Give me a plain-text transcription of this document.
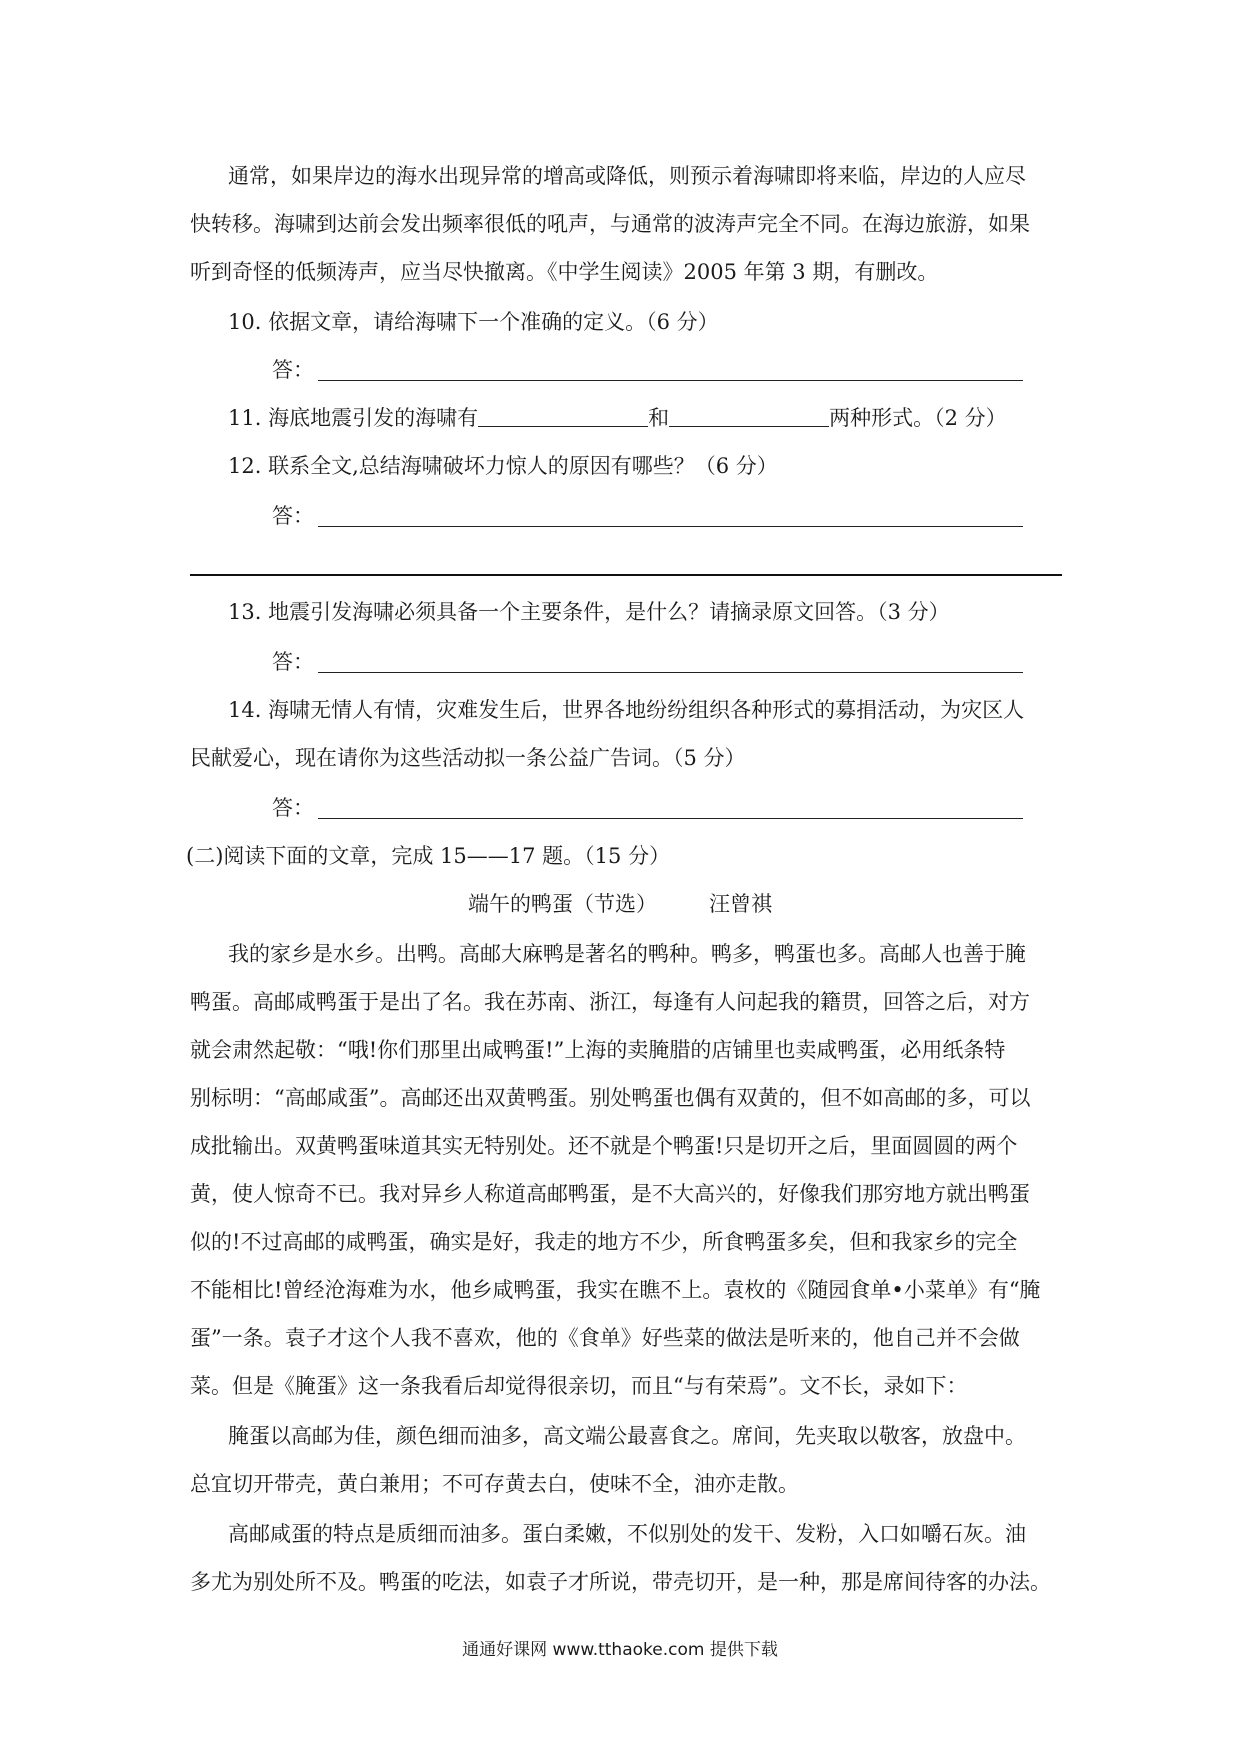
通常，如果岸边的海水出现异常的增高或降低，则预示着海啸即将来临，岸边的人应尽
快转移。海啸到达前会发出频率很低的吼声，与通常的波涛声完全不同。在海边旅游，如果
听到奇怪的低频涛声，应当尽快撤离。《中学生阅读》2005 年第 3 期，有删改。
10. 依据文章，请给海啸下一个准确的定义。（6 分）
答：
11. 海底地震引发的海啸有	和	两种形式。（2 分）
12. 联系全文,总结海啸破坏力惊人的原因有哪些？（6 分）
答：
13. 地震引发海啸必须具备一个主要条件，是什么？请摘录原文回答。（3 分）
答：
14. 海啸无情人有情，灾难发生后，世界各地纷纷组织各种形式的募捐活动，为灾区人
民献爱心，现在请你为这些活动拟一条公益广告词。（5 分）
答：
(二)阅读下面的文章，完成 15——17 题。（15 分）
端午的鸭蛋（节选） 汪曾祺
我的家乡是水乡。出鸭。高邮大麻鸭是著名的鸭种。鸭多，鸭蛋也多。高邮人也善于腌
鸭蛋。高邮咸鸭蛋于是出了名。我在苏南、浙江，每逢有人问起我的籍贯，回答之后，对方
就会肃然起敬：“哦!你们那里出咸鸭蛋!”上海的卖腌腊的店铺里也卖咸鸭蛋，必用纸条特
别标明：“高邮咸蛋”。高邮还出双黄鸭蛋。别处鸭蛋也偶有双黄的，但不如高邮的多，可以
成批输出。双黄鸭蛋味道其实无特别处。还不就是个鸭蛋!只是切开之后，里面圆圆的两个
黄，使人惊奇不已。我对异乡人称道高邮鸭蛋，是不大高兴的，好像我们那穷地方就出鸭蛋
似的!不过高邮的咸鸭蛋，确实是好，我走的地方不少，所食鸭蛋多矣，但和我家乡的完全
不能相比!曾经沧海难为水，他乡咸鸭蛋，我实在瞧不上。袁枚的《随园食单•小菜单》有“腌
蛋”一条。袁子才这个人我不喜欢，他的《食单》好些菜的做法是听来的，他自己并不会做
菜。但是《腌蛋》这一条我看后却觉得很亲切，而且“与有荣焉”。文不长，录如下：
腌蛋以高邮为佳，颜色细而油多，高文端公最喜食之。席间，先夹取以敬客，放盘中。
总宜切开带壳，黄白兼用；不可存黄去白，使味不全，油亦走散。
高邮咸蛋的特点是质细而油多。蛋白柔嫩，不似别处的发干、发粉，入口如嚼石灰。油
多尤为别处所不及。鸭蛋的吃法，如袁子才所说，带壳切开，是一种，那是席间待客的办法。
通通好课网 www.tthaoke.com 提供下载
